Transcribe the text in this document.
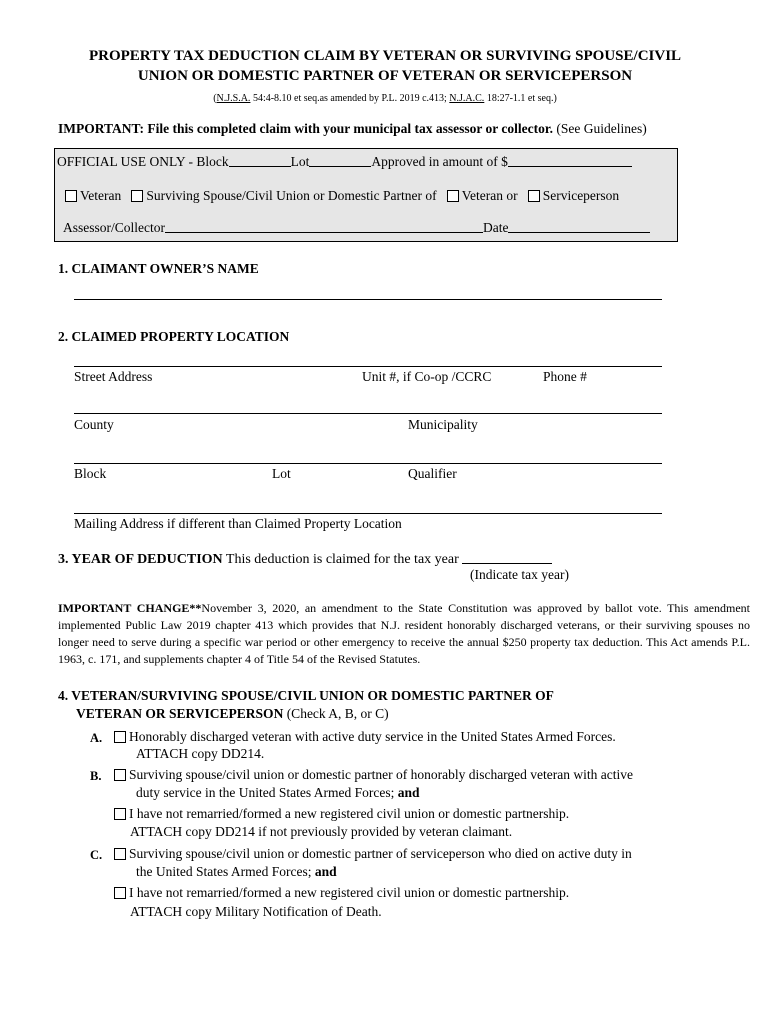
PROPERTY TAX DEDUCTION CLAIM BY VETERAN OR SURVIVING SPOUSE/CIVIL
UNION OR DOMESTIC PARTNER OF VETERAN OR SERVICEPERSON
(N.J.S.A. 54:4-8.10 et seq.as amended by P.L. 2019 c.413; N.J.A.C. 18:27-1.1 et seq.)
IMPORTANT: File this completed claim with your municipal tax assessor or collector. (See Guidelines)
OFFICIAL USE ONLY - Block	Lot	Approved in amount of $
Veteran Surviving Spouse/Civil Union or Domestic Partner of Veteran or Serviceperson
Assessor/Collector	Date
1. CLAIMANT OWNER’S NAME
2. CLAIMED PROPERTY LOCATION
Street Address	Unit #, if Co-op /CCRC	Phone #
County	Municipality
Block	Lot	Qualifier
Mailing Address if different than Claimed Property Location
3. YEAR OF DEDUCTION This deduction is claimed for the tax year
(Indicate tax year)
IMPORTANT CHANGE**November 3, 2020, an amendment to the State Constitution was approved by ballot vote. This amendment implemented Public Law 2019 chapter 413 which provides that N.J. resident honorably discharged veterans, or their surviving spouses no longer need to serve during a specific war period or other emergency to receive the annual $250 property tax deduction. This Act amends P.L. 1963, c. 171, and supplements chapter 4 of Title 54 of the Revised Statutes.
4. VETERAN/SURVIVING SPOUSE/CIVIL UNION OR DOMESTIC PARTNER OF
VETERAN OR SERVICEPERSON (Check A, B, or C)
A.	Honorably discharged veteran with active duty service in the United States Armed Forces.
ATTACH copy DD214.
B.	Surviving spouse/civil union or domestic partner of honorably discharged veteran with active
duty service in the United States Armed Forces; and
I have not remarried/formed a new registered civil union or domestic partnership.
ATTACH copy DD214 if not previously provided by veteran claimant.
C.	Surviving spouse/civil union or domestic partner of serviceperson who died on active duty in
the United States Armed Forces; and
I have not remarried/formed a new registered civil union or domestic partnership.
ATTACH copy Military Notification of Death.
